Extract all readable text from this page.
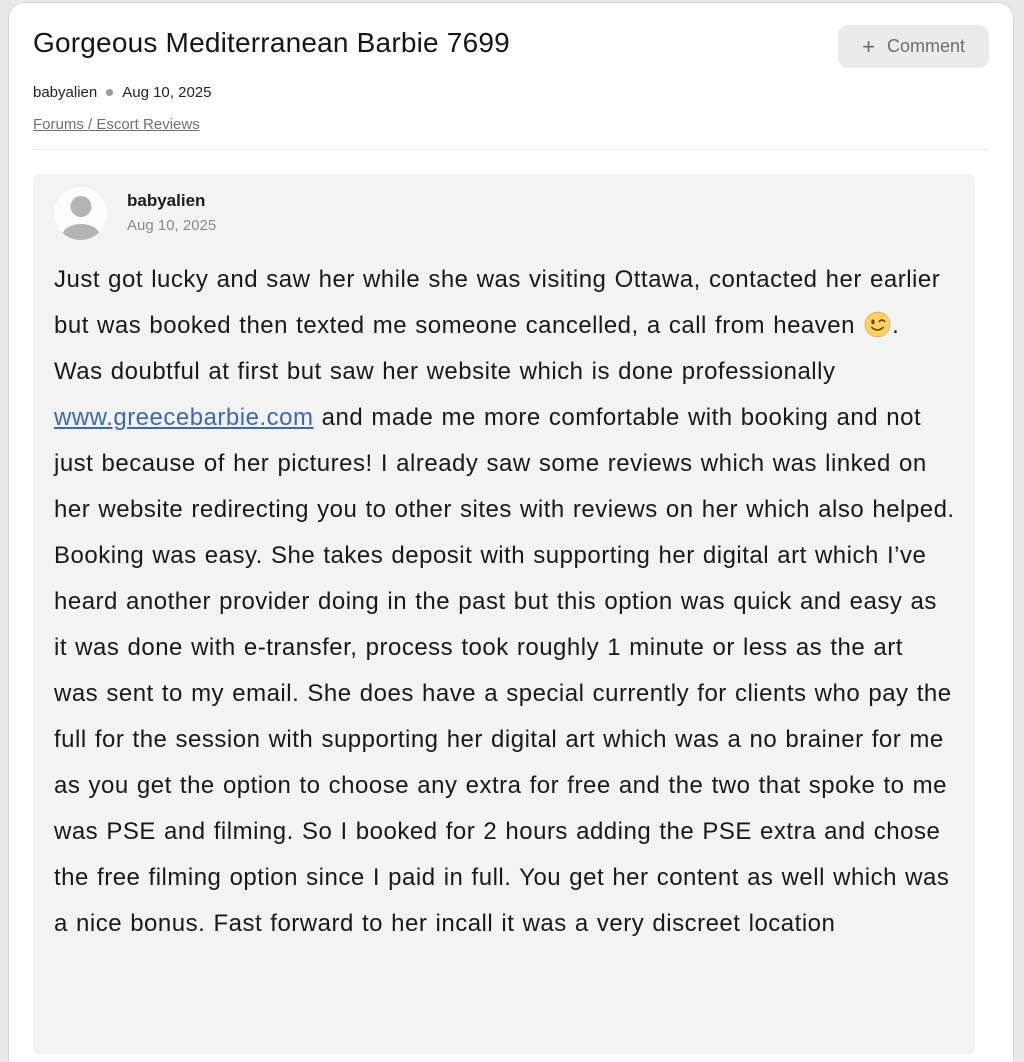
Gorgeous Mediterranean Barbie 7699	+ Comment
babyalien Aug 10, 2025
Forums / Escort Reviews
babyalien
Aug 10, 2025
Just got lucky and saw her while she was visiting Ottawa, contacted her earlier but was booked then texted me someone cancelled, a call from heaven . Was doubtful at first but saw her website which is done professionally www.greecebarbie.com and made me more comfortable with booking and not just because of her pictures! I already saw some reviews which was linked on her website redirecting you to other sites with reviews on her which also helped. Booking was easy. She takes deposit with supporting her digital art which I’ve heard another provider doing in the past but this option was quick and easy as it was done with e-transfer, process took roughly 1 minute or less as the art was sent to my email. She does have a special currently for clients who pay the full for the session with supporting her digital art which was a no brainer for me as you get the option to choose any extra for free and the two that spoke to me was PSE and filming. So I booked for 2 hours adding the PSE extra and chose the free filming option since I paid in full. You get her content as well which was a nice bonus. Fast forward to her incall it was a very discreet location
